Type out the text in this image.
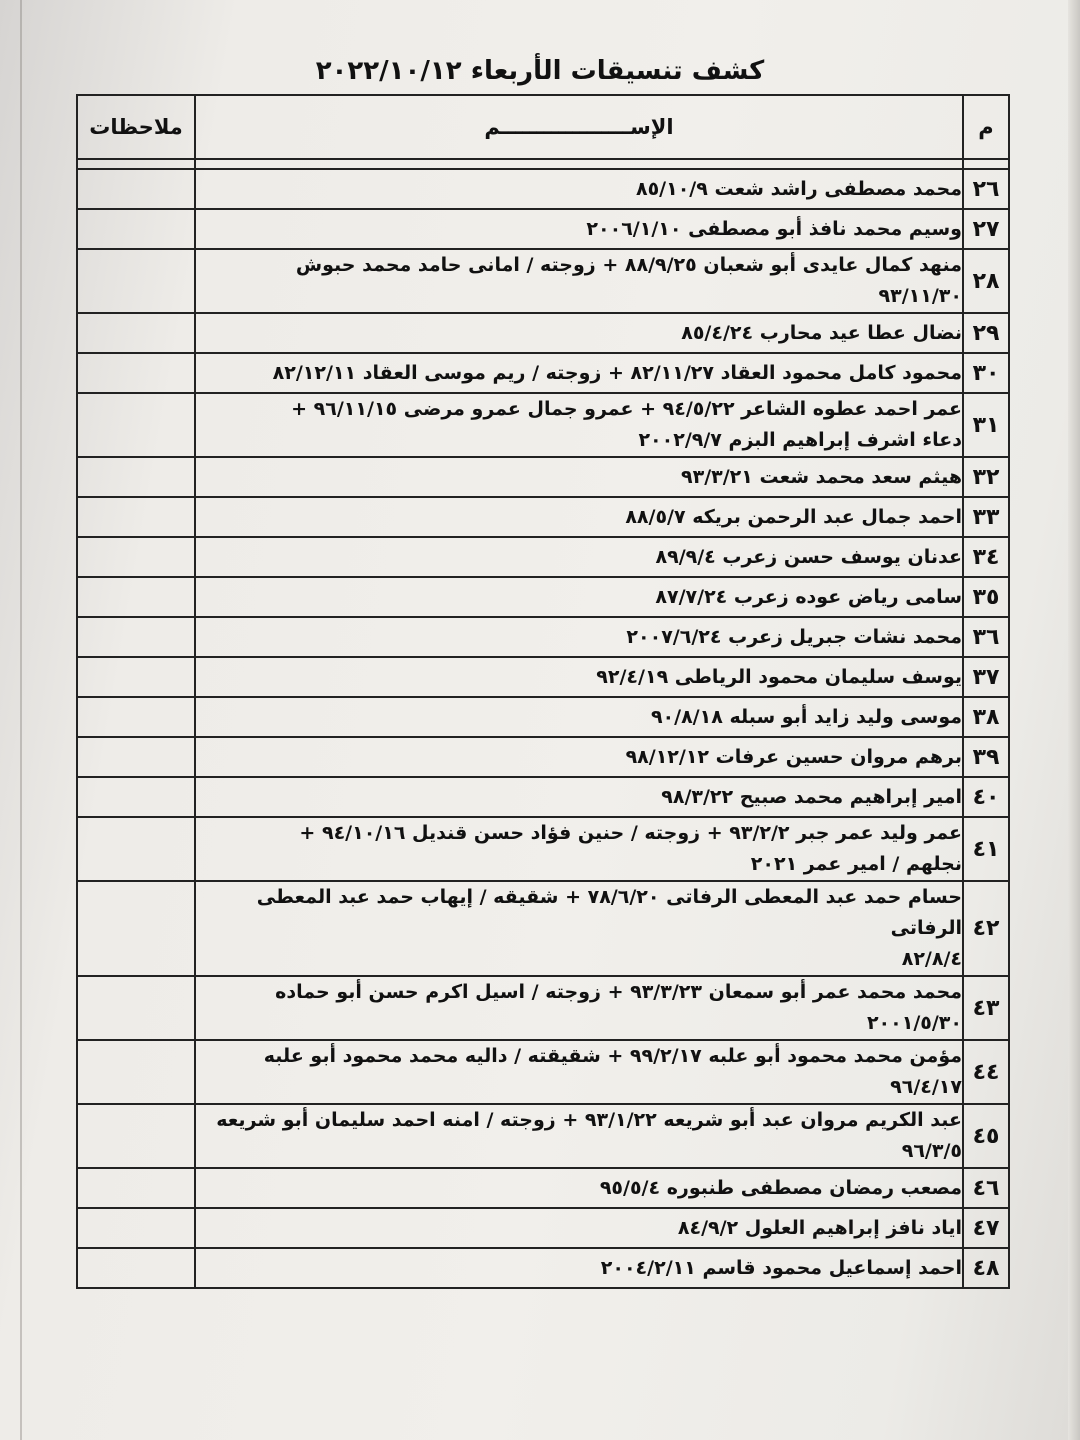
كشف تنسيقات الأربعاء ٢٠٢٢/١٠/١٢
م	الإســــــــــــــــــم	ملاحظات

٢٦	محمد مصطفى راشد شعت ٨٥/١٠/٩	

٢٧	وسيم محمد نافذ أبو مصطفى ٢٠٠٦/١/١٠	

٢٨	منهد كمال عايدى أبو شعبان ٨٨/٩/٢٥ + زوجته / امانى حامد محمد حبوش
٩٣/١١/٣٠	

٢٩	نضال عطا عيد محارب ٨٥/٤/٢٤	

٣٠	محمود كامل محمود العقاد ٨٢/١١/٢٧ + زوجته / ريم موسى العقاد ٨٢/١٢/١١	

٣١	عمر احمد عطوه الشاعر ٩٤/٥/٢٢ + عمرو جمال عمرو مرضى ٩٦/١١/١٥ +
دعاء اشرف إبراهيم البزم ٢٠٠٢/٩/٧	

٣٢	هيثم سعد محمد شعت ٩٣/٣/٢١	

٣٣	احمد جمال عبد الرحمن بريكه ٨٨/٥/٧	

٣٤	عدنان يوسف حسن زعرب ٨٩/٩/٤	

٣٥	سامى رياض عوده زعرب ٨٧/٧/٢٤	

٣٦	محمد نشات جبريل زعرب ٢٠٠٧/٦/٢٤	

٣٧	يوسف سليمان محمود الرياطى ٩٢/٤/١٩	

٣٨	موسى وليد زايد أبو سبله ٩٠/٨/١٨	

٣٩	برهم مروان حسين عرفات ٩٨/١٢/١٢	

٤٠	امير إبراهيم محمد صبيح ٩٨/٣/٢٢	

٤١	عمر وليد عمر جبر ٩٣/٢/٢ + زوجته / حنين فؤاد حسن قنديل ٩٤/١٠/١٦ +
نجلهم / امير عمر ٢٠٢١	

٤٢	حسام حمد عبد المعطى الرفاتى ٧٨/٦/٢٠ + شقيقه / إيهاب حمد عبد المعطى الرفاتى
٨٢/٨/٤	

٤٣	محمد محمد عمر أبو سمعان ٩٣/٣/٢٣ + زوجته / اسيل اكرم حسن أبو حماده
٢٠٠١/٥/٣٠	

٤٤	مؤمن محمد محمود أبو علبه ٩٩/٢/١٧ + شقيقته / داليه محمد محمود أبو علبه
٩٦/٤/١٧	

٤٥	عبد الكريم مروان عبد أبو شريعه ٩٣/١/٢٢ + زوجته / امنه احمد سليمان أبو شريعه
٩٦/٣/٥	

٤٦	مصعب رمضان مصطفى طنبوره ٩٥/٥/٤	

٤٧	اياد نافز إبراهيم العلول ٨٤/٩/٢	

٤٨	احمد إسماعيل محمود قاسم ٢٠٠٤/٢/١١	
